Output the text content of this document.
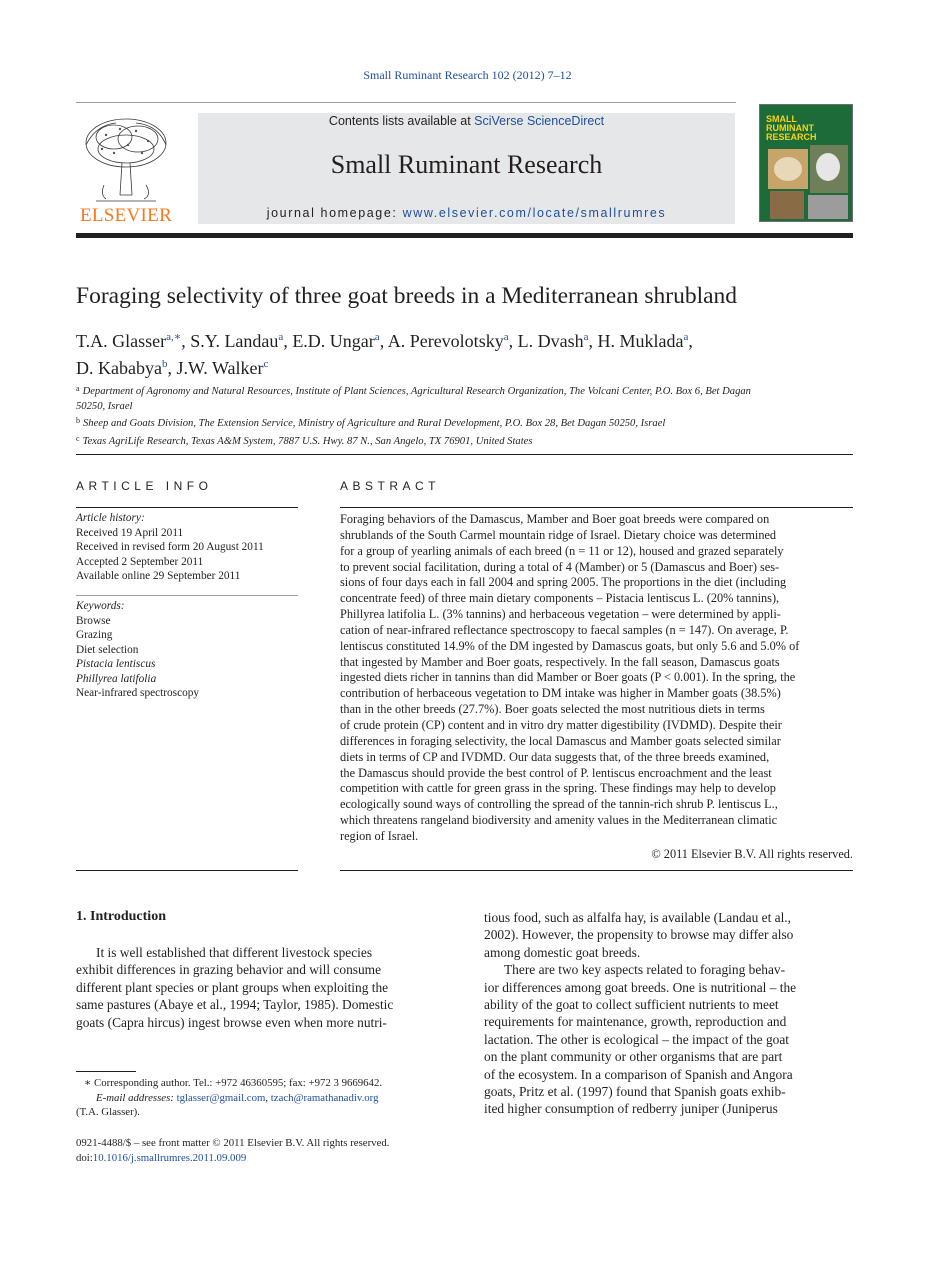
Small Ruminant Research 102 (2012) 7–12
ELSEVIER
Contents lists available at SciVerse ScienceDirect
Small Ruminant Research
journal homepage: www.elsevier.com/locate/smallrumres
SMALL RUMINANT RESEARCH
Foraging selectivity of three goat breeds in a Mediterranean shrubland
T.A. Glasser$^{a,∗}$, S.Y. Landau$^a$, E.D. Ungar$^a$, A. Perevolotsky$^a$, L. Dvash$^a$, H. Muklada$^a$,
D. Kababya$^b$, J.W. Walker$^c$
$^a$ Department of Agronomy and Natural Resources, Institute of Plant Sciences, Agricultural Research Organization, The Volcani Center, P.O. Box 6, Bet Dagan
50250, Israel
$^b$ Sheep and Goats Division, The Extension Service, Ministry of Agriculture and Rural Development, P.O. Box 28, Bet Dagan 50250, Israel
$^c$ Texas AgriLife Research, Texas A&M System, 7887 U.S. Hwy. 87 N., San Angelo, TX 76901, United States
ARTICLE INFO
Article history:
Received 19 April 2011
Received in revised form 20 August 2011
Accepted 2 September 2011
Available online 29 September 2011
Keywords:
Browse
Grazing
Diet selection
Pistacia lentiscus
Phillyrea latifolia
Near-infrared spectroscopy
ABSTRACT
Foraging behaviors of the Damascus, Mamber and Boer goat breeds were compared on
shrublands of the South Carmel mountain ridge of Israel. Dietary choice was determined
for a group of yearling animals of each breed (n = 11 or 12), housed and grazed separately
to prevent social facilitation, during a total of 4 (Mamber) or 5 (Damascus and Boer) ses-
sions of four days each in fall 2004 and spring 2005. The proportions in the diet (including
concentrate feed) of three main dietary components – Pistacia lentiscus L. (20% tannins),
Phillyrea latifolia L. (3% tannins) and herbaceous vegetation – were determined by appli-
cation of near-infrared reflectance spectroscopy to faecal samples (n = 147). On average, P.
lentiscus constituted 14.9% of the DM ingested by Damascus goats, but only 5.6 and 5.0% of
that ingested by Mamber and Boer goats, respectively. In the fall season, Damascus goats
ingested diets richer in tannins than did Mamber or Boer goats (P < 0.001). In the spring, the
contribution of herbaceous vegetation to DM intake was higher in Mamber goats (38.5%)
than in the other breeds (27.7%). Boer goats selected the most nutritious diets in terms
of crude protein (CP) content and in vitro dry matter digestibility (IVDMD). Despite their
differences in foraging selectivity, the local Damascus and Mamber goats selected similar
diets in terms of CP and IVDMD. Our data suggests that, of the three breeds examined,
the Damascus should provide the best control of P. lentiscus encroachment and the least
competition with cattle for green grass in the spring. These findings may help to develop
ecologically sound ways of controlling the spread of the tannin-rich shrub P. lentiscus L.,
which threatens rangeland biodiversity and amenity values in the Mediterranean climatic
region of Israel.
© 2011 Elsevier B.V. All rights reserved.
1. Introduction
It is well established that different livestock species
exhibit differences in grazing behavior and will consume
different plant species or plant groups when exploiting the
same pastures (Abaye et al., 1994; Taylor, 1985). Domestic
goats (Capra hircus) ingest browse even when more nutri-
tious food, such as alfalfa hay, is available (Landau et al.,
2002). However, the propensity to browse may differ also
among domestic goat breeds.
There are two key aspects related to foraging behav-
ior differences among goat breeds. One is nutritional – the
ability of the goat to collect sufficient nutrients to meet
requirements for maintenance, growth, reproduction and
lactation. The other is ecological – the impact of the goat
on the plant community or other organisms that are part
of the ecosystem. In a comparison of Spanish and Angora
goats, Pritz et al. (1997) found that Spanish goats exhib-
ited higher consumption of redberry juniper (Juniperus
∗ Corresponding author. Tel.: +972 46360595; fax: +972 3 9669642.
E-mail addresses: tglasser@gmail.com, tzach@ramathanadiv.org
(T.A. Glasser).
0921-4488/$ – see front matter © 2011 Elsevier B.V. All rights reserved.
doi:10.1016/j.smallrumres.2011.09.009
